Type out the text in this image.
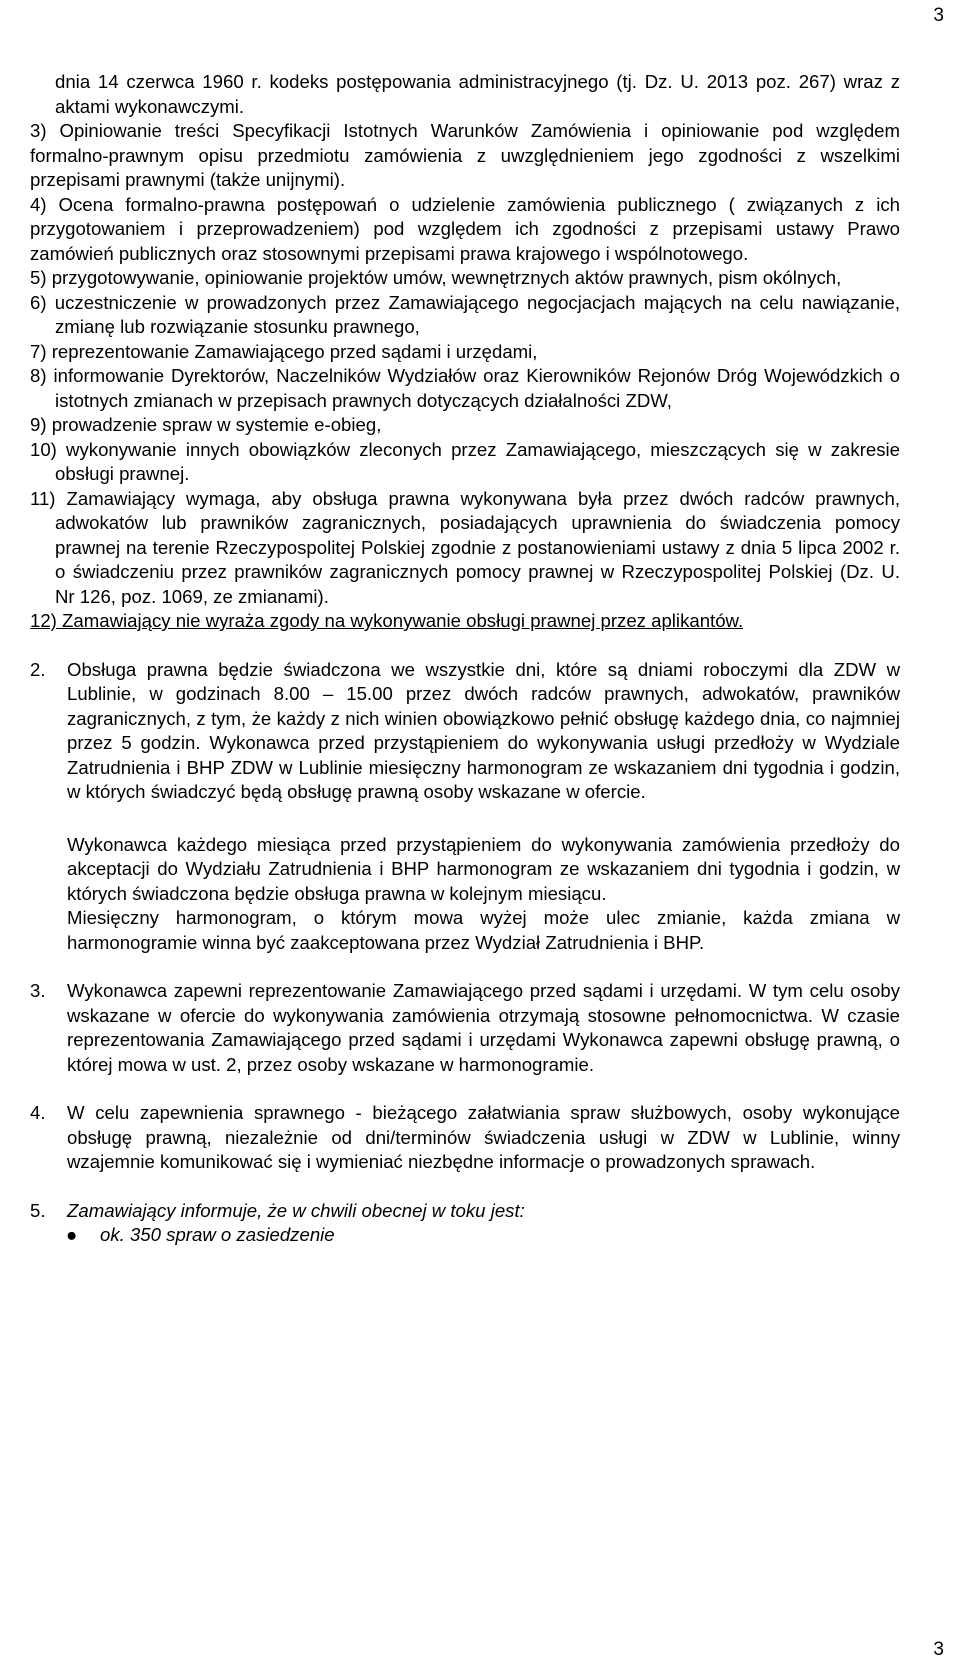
3

dnia 14 czerwca 1960 r. kodeks postępowania administracyjnego (tj. Dz. U. 2013 poz. 267) wraz z aktami wykonawczymi.

3) Opiniowanie treści Specyfikacji Istotnych Warunków Zamówienia i opiniowanie pod względem formalno-prawnym opisu przedmiotu zamówienia z uwzględnieniem jego zgodności z wszelkimi przepisami prawnymi (także unijnymi).

4) Ocena formalno-prawna postępowań o udzielenie zamówienia publicznego ( związanych z ich przygotowaniem i przeprowadzeniem) pod względem ich zgodności z przepisami ustawy Prawo zamówień publicznych oraz stosownymi przepisami prawa krajowego i wspólnotowego.

5) przygotowywanie, opiniowanie projektów umów, wewnętrznych aktów prawnych, pism okólnych,

6) uczestniczenie w prowadzonych przez Zamawiającego negocjacjach mających na celu nawiązanie, zmianę lub rozwiązanie stosunku prawnego,

7) reprezentowanie Zamawiającego przed sądami i urzędami,

8) informowanie Dyrektorów, Naczelników Wydziałów oraz Kierowników Rejonów Dróg Wojewódzkich o istotnych zmianach w przepisach prawnych dotyczących działalności ZDW,

9) prowadzenie spraw w systemie e-obieg,

10) wykonywanie innych obowiązków zleconych przez Zamawiającego, mieszczących się w zakresie obsługi prawnej.

11) Zamawiający wymaga, aby obsługa prawna wykonywana była przez dwóch radców prawnych, adwokatów lub prawników zagranicznych, posiadających uprawnienia do świadczenia pomocy prawnej na terenie Rzeczypospolitej Polskiej zgodnie z postanowieniami ustawy z dnia 5 lipca 2002 r. o świadczeniu przez prawników zagranicznych pomocy prawnej w Rzeczypospolitej Polskiej (Dz. U. Nr 126, poz. 1069, ze zmianami).

12) Zamawiający nie wyraża zgody na wykonywanie obsługi prawnej przez aplikantów.

2. Obsługa prawna będzie świadczona we wszystkie dni, które są dniami roboczymi dla ZDW w Lublinie, w godzinach 8.00 – 15.00 przez dwóch radców prawnych, adwokatów, prawników zagranicznych, z tym, że każdy z nich winien obowiązkowo pełnić obsługę każdego dnia, co najmniej przez 5 godzin. Wykonawca przed przystąpieniem do wykonywania usługi przedłoży w Wydziale Zatrudnienia i BHP ZDW w Lublinie miesięczny harmonogram ze wskazaniem dni tygodnia i godzin, w których świadczyć będą obsługę prawną osoby wskazane w ofercie.

Wykonawca każdego miesiąca przed przystąpieniem do wykonywania zamówienia przedłoży do akceptacji do Wydziału Zatrudnienia i BHP harmonogram ze wskazaniem dni tygodnia i godzin, w których świadczona będzie obsługa prawna w kolejnym miesiącu.

Miesięczny harmonogram, o którym mowa wyżej może ulec zmianie, każda zmiana w harmonogramie winna być zaakceptowana przez Wydział Zatrudnienia i BHP.

3. Wykonawca zapewni reprezentowanie Zamawiającego przed sądami i urzędami. W tym celu osoby wskazane w ofercie do wykonywania zamówienia otrzymają stosowne pełnomocnictwa. W czasie reprezentowania Zamawiającego przed sądami i urzędami Wykonawca zapewni obsługę prawną, o której mowa w ust. 2, przez osoby wskazane w harmonogramie.

4. W celu zapewnienia sprawnego - bieżącego załatwiania spraw służbowych, osoby wykonujące obsługę prawną, niezależnie od dni/terminów świadczenia usługi w ZDW w Lublinie, winny wzajemnie komunikować się i wymieniać niezbędne informacje o prowadzonych sprawach.

5. Zamawiający informuje, że w chwili obecnej w toku jest:

● ok. 350 spraw o zasiedzenie
3
